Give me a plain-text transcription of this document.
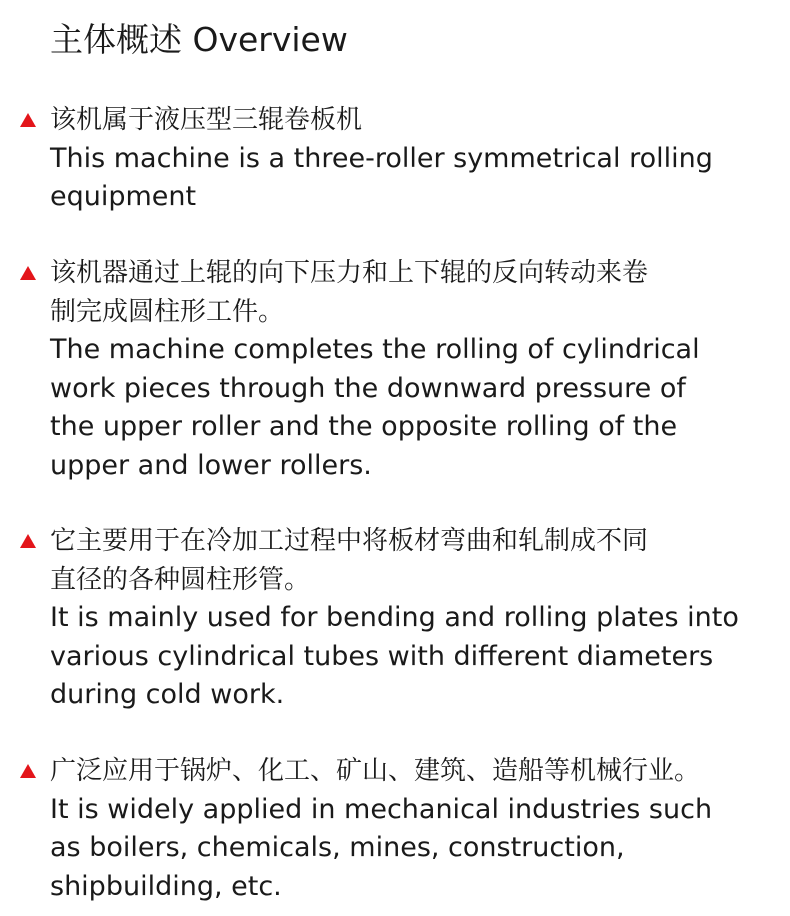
主体概述 Overview
该机属于液压型三辊卷板机
This machine is a three-roller symmetrical rolling
equipment
该机器通过上辊的向下压力和上下辊的反向转动来卷
制完成圆柱形工件。
The machine completes the rolling of cylindrical
work pieces through the downward pressure of
the upper roller and the opposite rolling of the
upper and lower rollers.
它主要用于在冷加工过程中将板材弯曲和轧制成不同
直径的各种圆柱形管。
It is mainly used for bending and rolling plates into
various cylindrical tubes with different diameters
during cold work.
广泛应用于锅炉、化工、矿山、建筑、造船等机械行业。
It is widely applied in mechanical industries such
as boilers, chemicals, mines, construction,
shipbuilding, etc.
